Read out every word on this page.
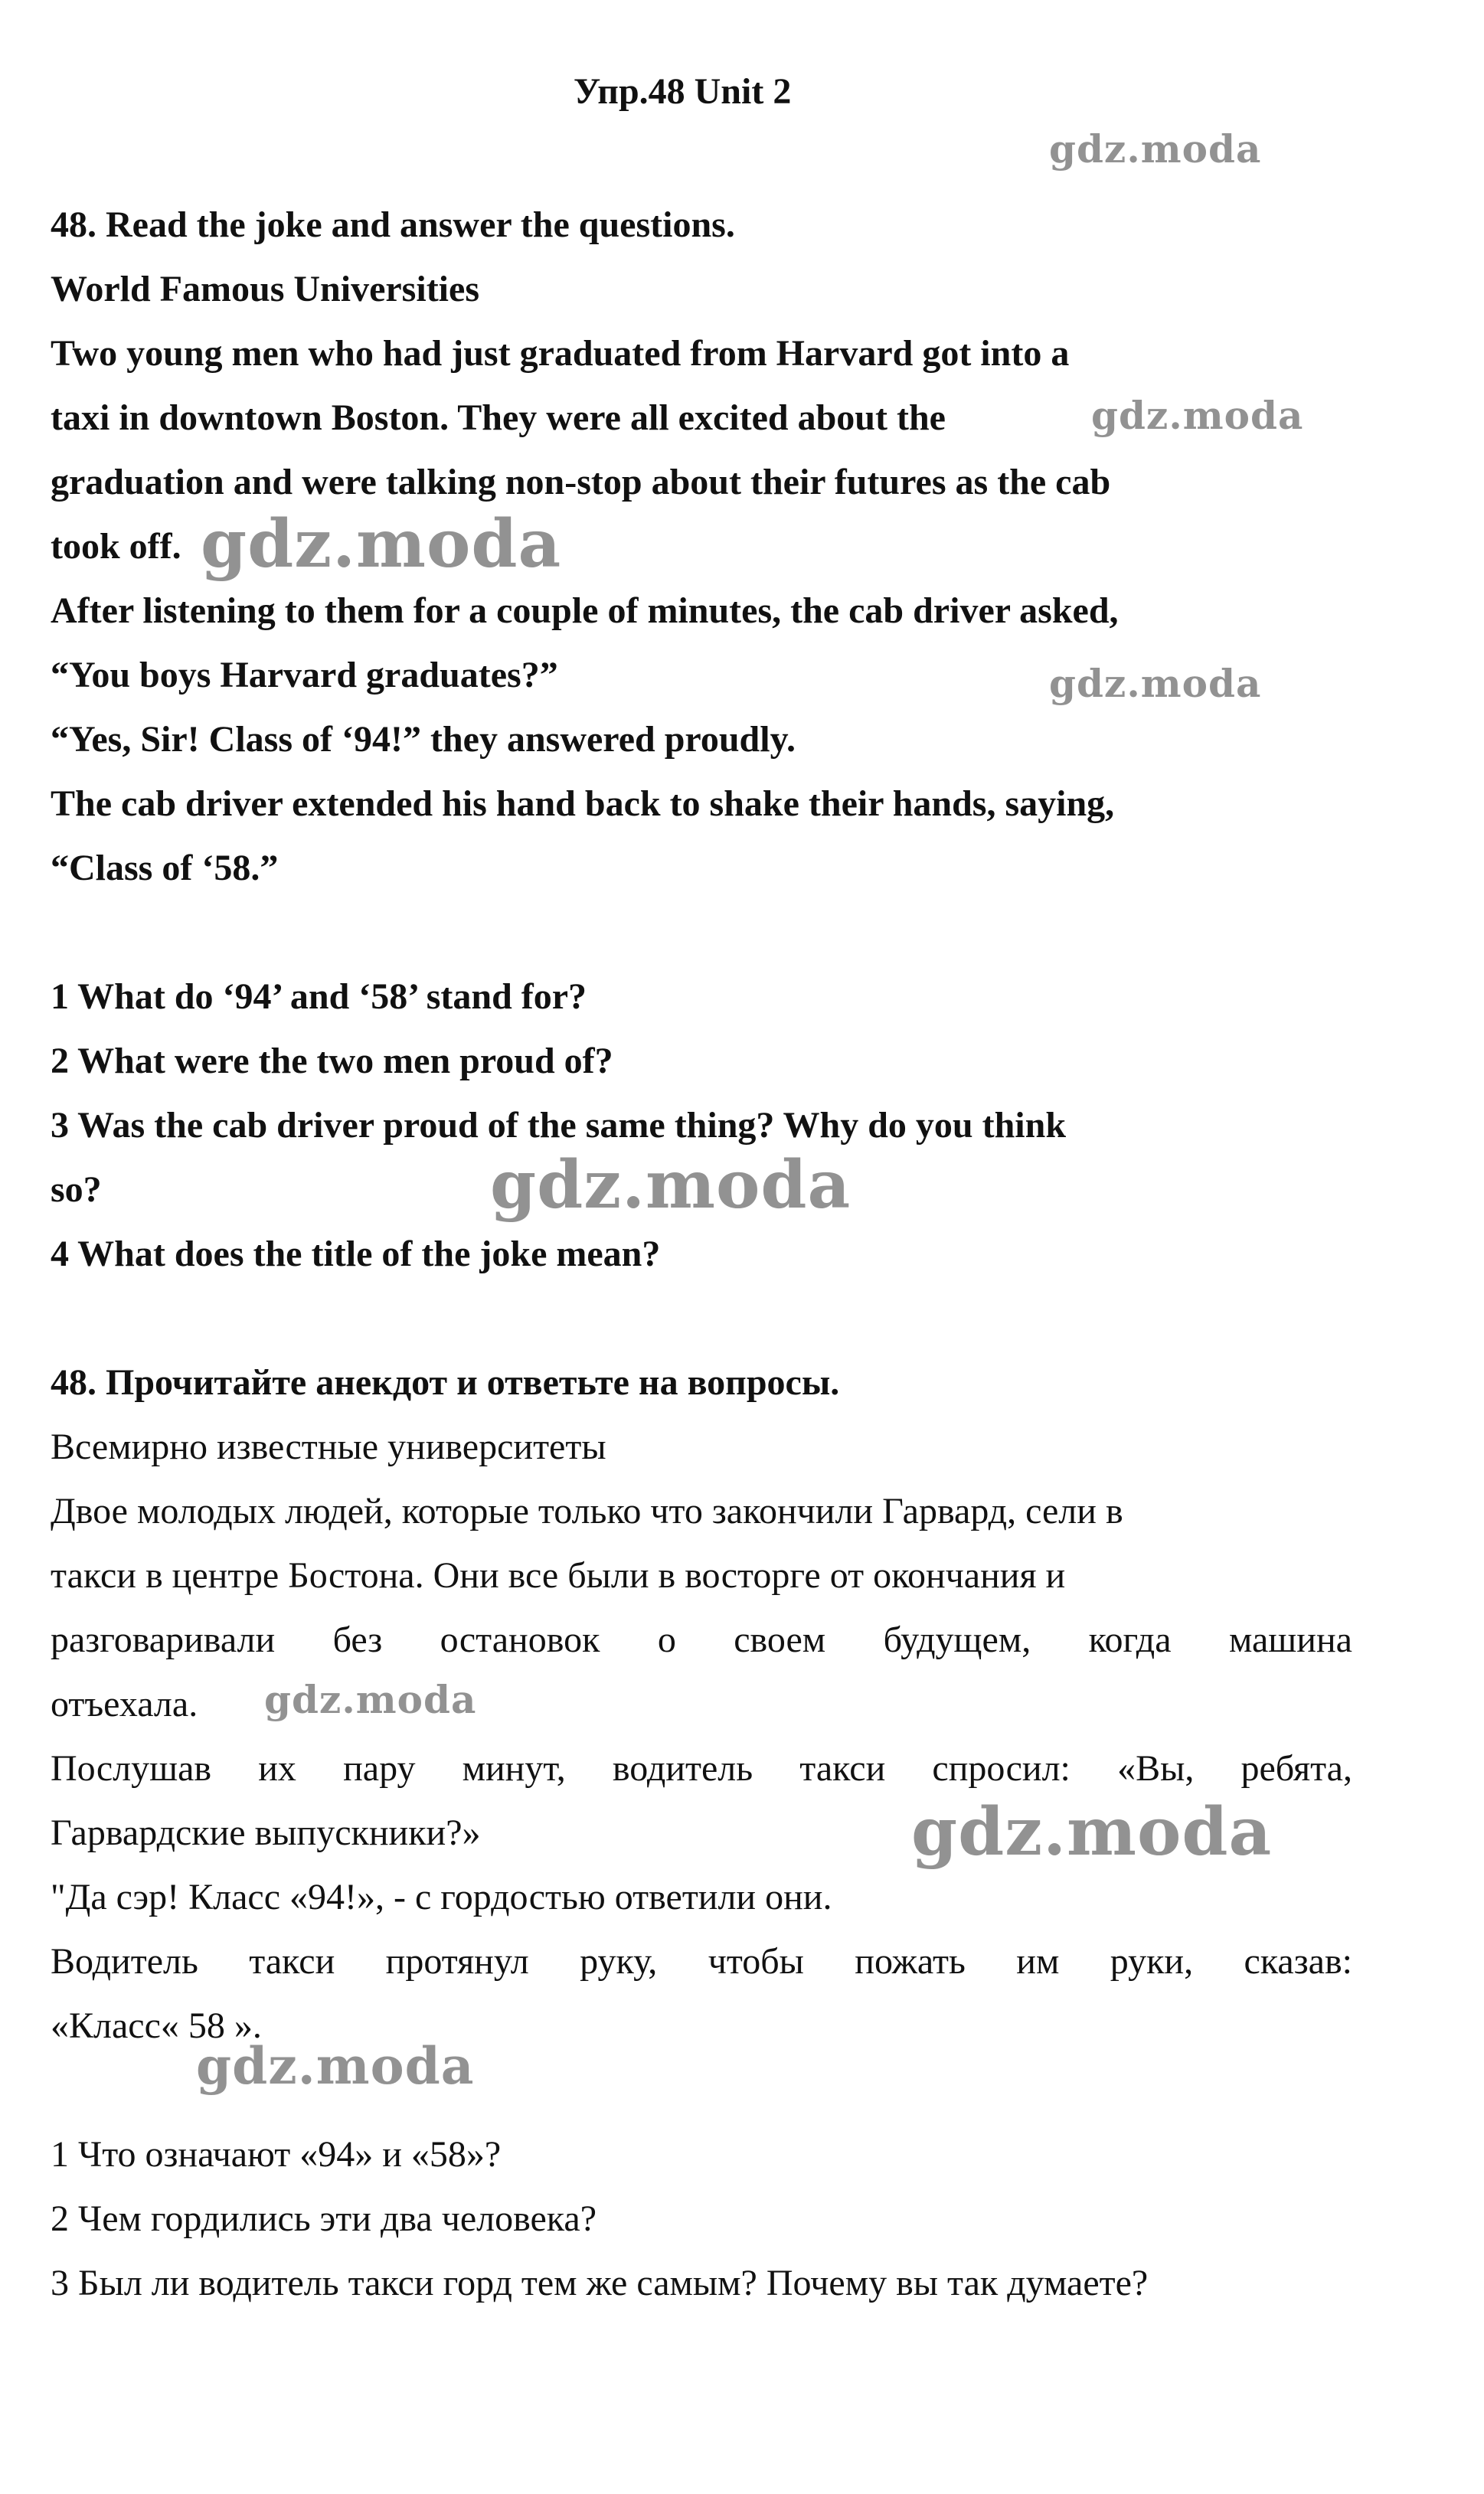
Упр.48 Unit 2
48. Read the joke and answer the questions.
World Famous Universities
Two young men who had just graduated from Harvard got into a
taxi in downtown Boston. They were all excited about the
graduation and were talking non-stop about their futures as the cab
took off.
After listening to them for a couple of minutes, the cab driver asked,
“You boys Harvard graduates?”
“Yes, Sir! Class of ‘94!” they answered proudly.
The cab driver extended his hand back to shake their hands, saying,
“Class of ‘58.”
1 What do ‘94’ and ‘58’ stand for?
2 What were the two men proud of?
3 Was the cab driver proud of the same thing? Why do you think
so?
4 What does the title of the joke mean?
48. Прочитайте анекдот и ответьте на вопросы.
Всемирно известные университеты
Двое молодых людей, которые только что закончили Гарвард, сели в
такси в центре Бостона. Они все были в восторге от окончания и
разговаривали без остановок о своем будущем, когда машина
отъехала.
Послушав их пару минут, водитель такси спросил: «Вы, ребята,
Гарвардские выпускники?»
"Да сэр! Класс «94!», - с гордостью ответили они.
Водитель такси протянул руку, чтобы пожать им руки, сказав:
«Класс« 58 ».
1 Что означают «94» и «58»?
2 Чем гордились эти два человека?
3 Был ли водитель такси горд тем же самым? Почему вы так думаете?
gdz.moda
gdz.moda
gdz.moda
gdz.moda
gdz.moda
gdz.moda
gdz.moda
gdz.moda
